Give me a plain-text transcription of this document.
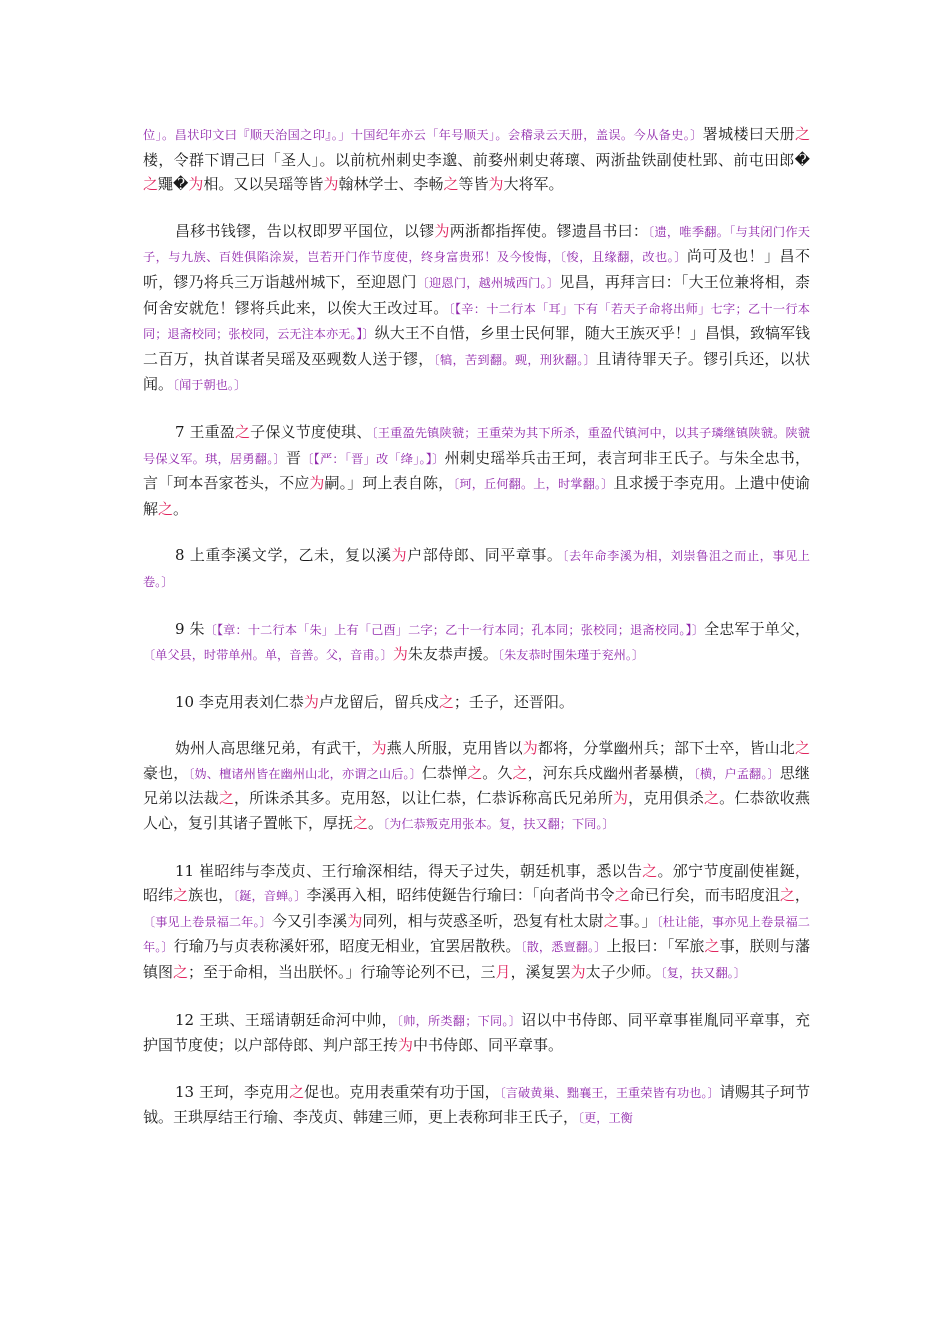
位」。昌状印文曰『顺天治国之印』。」十国纪年亦云「年号顺天」。会稽录云天册，盖误。今从备史。〕署城楼曰天册之楼，令群下谓己曰「圣人」。以前杭州刺史李邈、前婺州刺史蒋瓌、两浙盐铁副使杜郢、前屯田郎�之鼆�为相。又以吴瑶等皆为翰林学士、李畅之等皆为大将军。

昌移书钱镠，告以权即罗平国位，以镠为两浙都指挥使。镠遗昌书曰：〔遗，唯季翻。「与其闭门作天子，与九族、百姓俱陷涂炭，岂若开门作节度使，终身富贵邪！及今悛悔，〔悛，且缘翻，改也。〕尚可及也！」昌不听，镠乃将兵三万诣越州城下，至迎恩门〔迎恩门，越州城西门。〕见昌，再拜言曰：「大王位兼将相，柰何舍安就危！镠将兵此来，以俟大王改过耳。〔【辛：十二行本「耳」下有「若天子命将出师」七字；乙十一行本同；退斋校同；张校同，云无注本亦无。】〕纵大王不自惜，乡里士民何罪，随大王族灭乎！」昌惧，致犒军钱二百万，执首谋者吴瑶及巫觋数人送于镠，〔犒，苦到翻。觋，刑狄翻。〕且请待罪天子。镠引兵还，以状闻。〔闻于朝也。〕

7 王重盈之子保义节度使琪、〔王重盈先镇陕虢；王重荣为其下所杀，重盈代镇河中，以其子璘继镇陕虢。陕虢号保义军。琪，居勇翻。〕晋〔【严：「晋」改「绛」。】〕州刺史瑶举兵击王珂，表言珂非王氏子。与朱全忠书，言「珂本吾家苍头，不应为嗣。」珂上表自陈，〔珂，丘何翻。上，时掌翻。〕且求援于李克用。上遣中使谕解之。

8 上重李溪文学，乙未，复以溪为户部侍郎、同平章事。〔去年命李溪为相，刘崇鲁沮之而止，事见上卷。〕

9 朱〔【章：十二行本「朱」上有「己酉」二字；乙十一行本同；孔本同；张校同；退斋校同。】〕全忠军于单父，〔单父县，时带单州。单，音善。父，音甫。〕为朱友恭声援。〔朱友恭时围朱瑾于兖州。〕

10 李克用表刘仁恭为卢龙留后，留兵戍之；壬子，还晋阳。

妫州人高思继兄弟，有武干，为燕人所服，克用皆以为都将，分掌幽州兵；部下士卒，皆山北之豪也，〔妫、檀诸州皆在幽州山北，亦谓之山后。〕仁恭惮之。久之，河东兵戍幽州者暴横，〔横，户孟翻。〕思继兄弟以法裁之，所诛杀其多。克用怒，以让仁恭，仁恭诉称高氏兄弟所为，克用俱杀之。仁恭欲收燕人心，复引其诸子置帐下，厚抚之。〔为仁恭叛克用张本。复，扶又翻；下同。〕

11 崔昭纬与李茂贞、王行瑜深相结，得天子过失，朝廷机事，悉以告之。邠宁节度副使崔鋋，昭纬之族也，〔鋋，音蝉。〕李溪再入相，昭纬使鋋告行瑜曰：「向者尚书令之命已行矣，而韦昭度沮之，〔事见上卷景福二年。〕今又引李溪为同列，相与荧惑圣听，恐复有杜太尉之事。」〔杜让能，事亦见上卷景福二年。〕行瑜乃与贞表称溪奸邪，昭度无相业，宜罢居散秩。〔散，悉亶翻。〕上报曰：「军旅之事，朕则与藩镇图之；至于命相，当出朕怀。」行瑜等论列不已，三月，溪复罢为太子少师。〔复，扶又翻。〕

12 王珙、王瑶请朝廷命河中帅，〔帅，所类翻；下同。〕诏以中书侍郎、同平章事崔胤同平章事，充护国节度使；以户部侍郎、判户部王抟为中书侍郎、同平章事。

13 王珂，李克用之促也。克用表重荣有功于国，〔言破黄巢、黜襄王，王重荣皆有功也。〕请赐其子珂节钺。王珙厚结王行瑜、李茂贞、韩建三师，更上表称珂非王氏子，〔更，工衡
